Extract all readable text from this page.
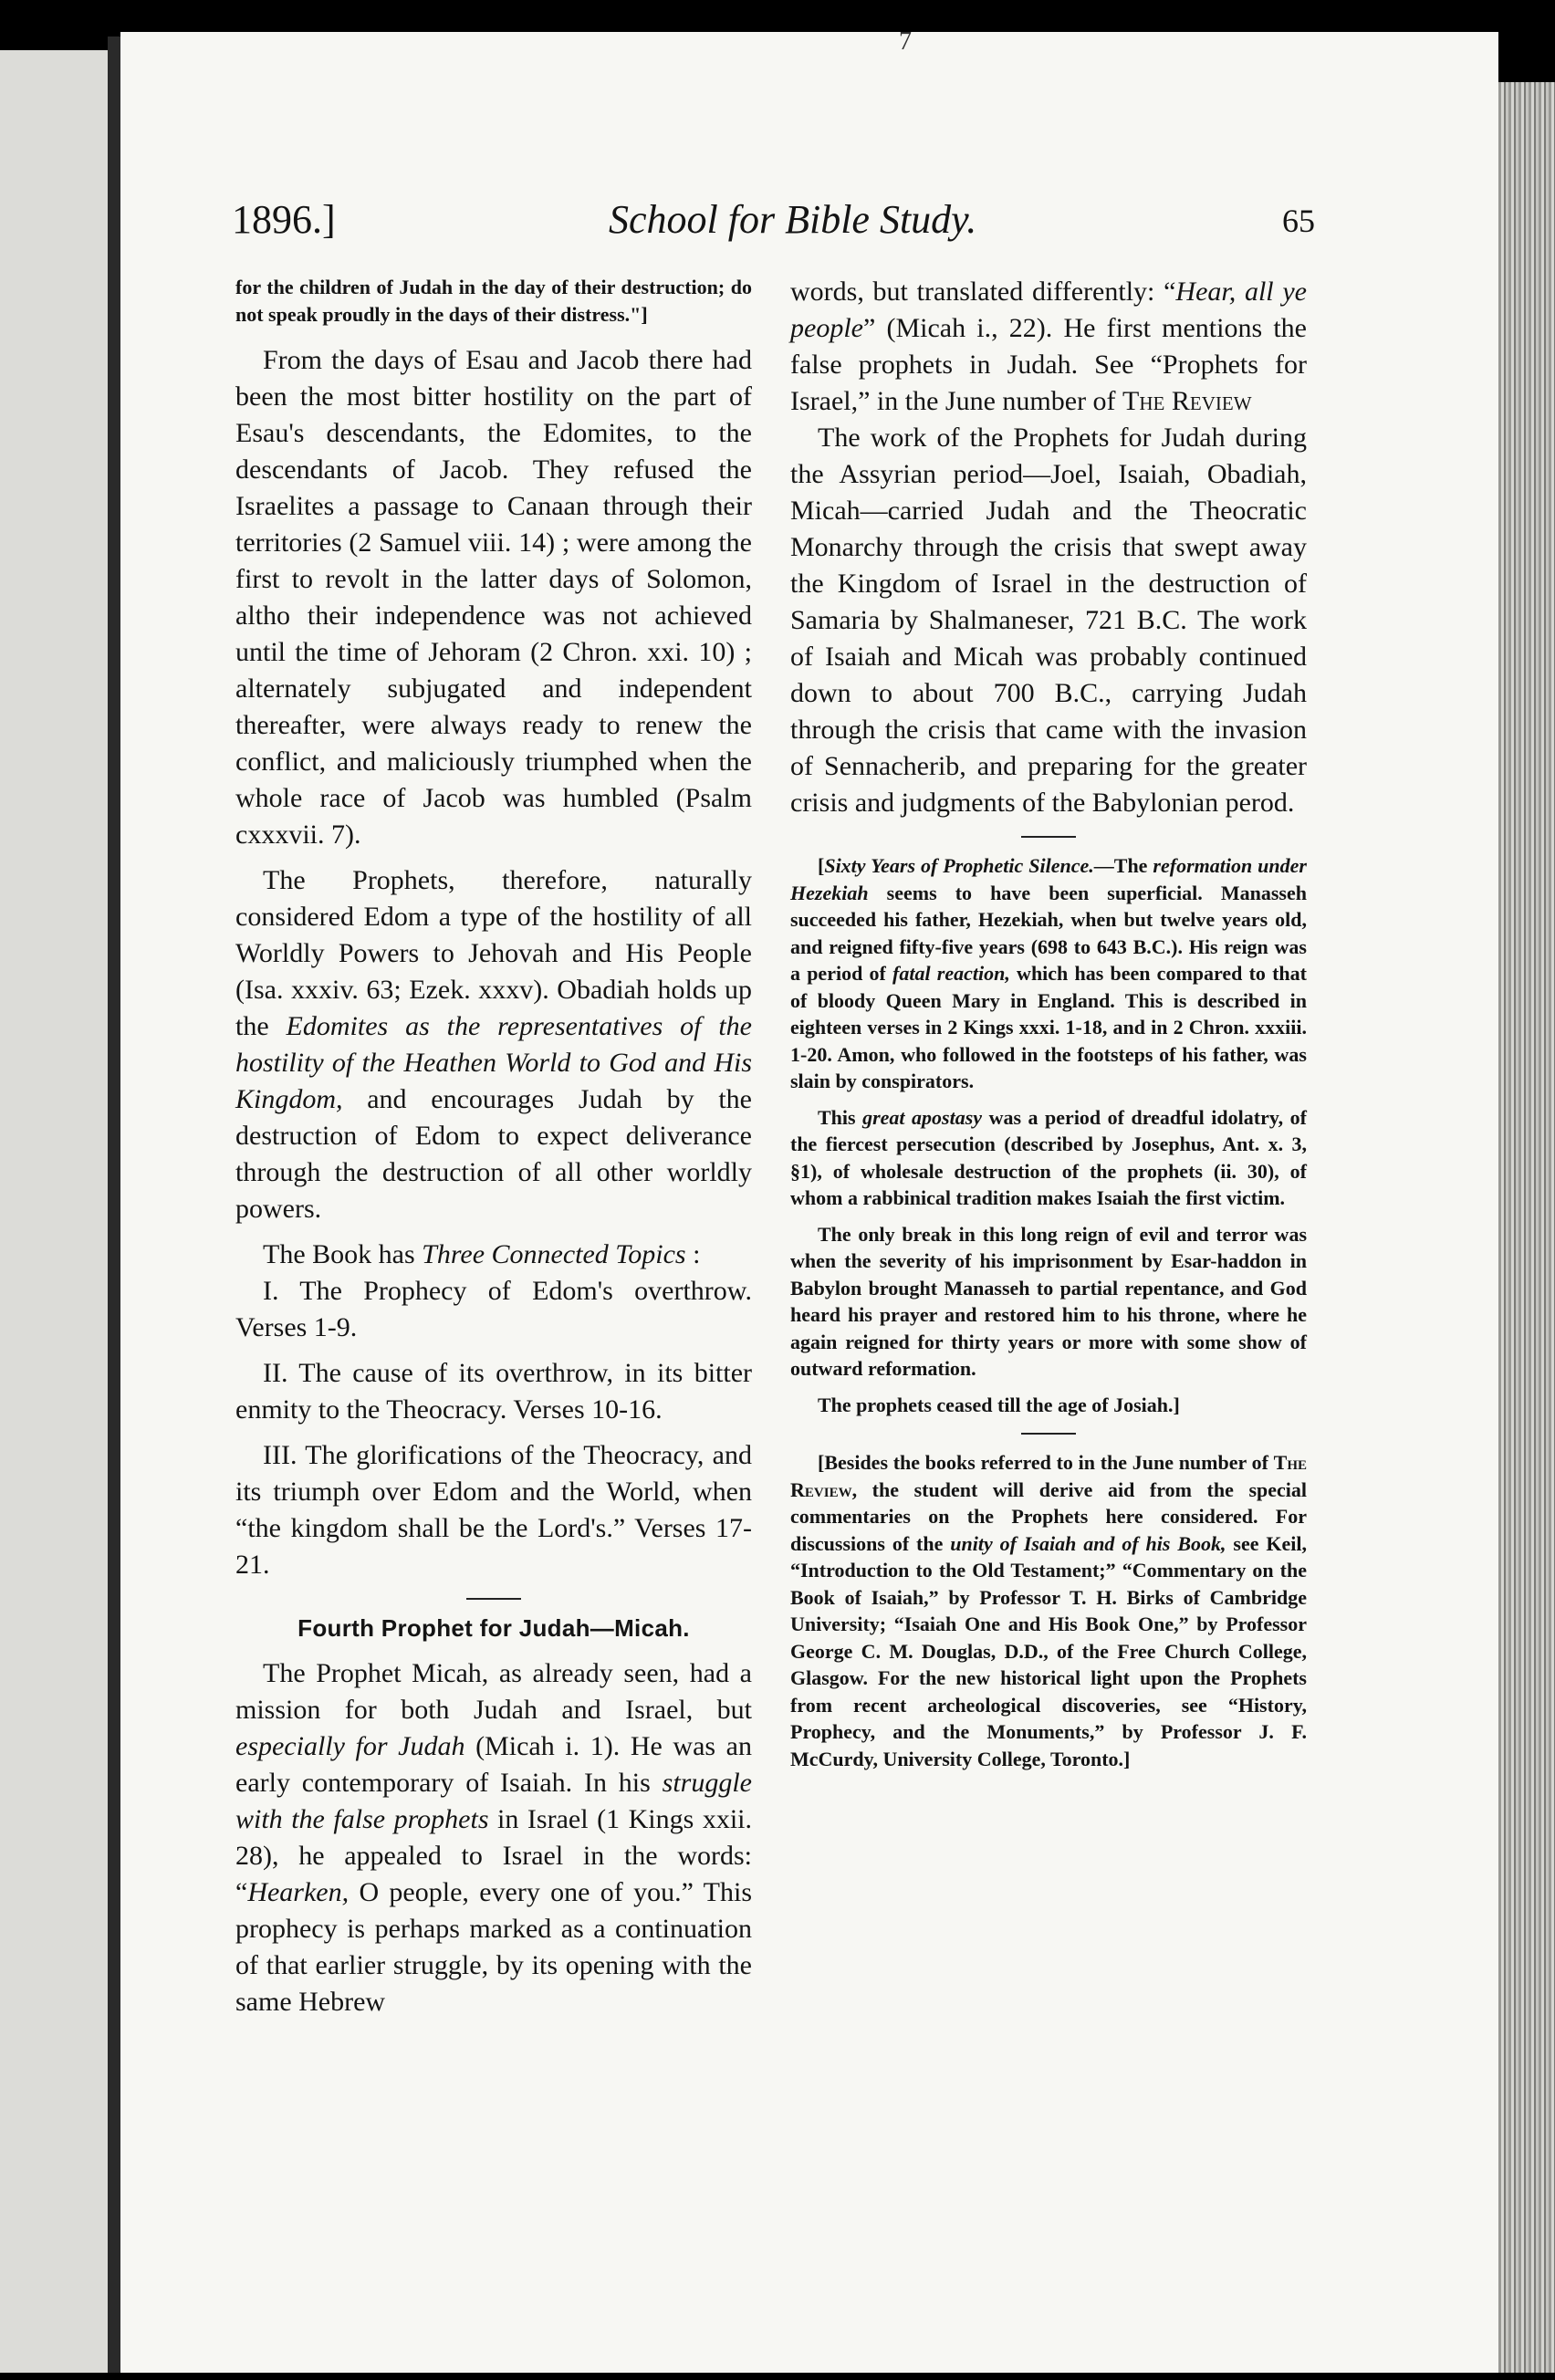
7
1896.]	School for Bible Study.	65

for the children of Judah in the day of their destruction; do not speak proudly in the days of their distress."]

From the days of Esau and Jacob there had been the most bitter hostility on the part of Esau's descendants, the Edomites, to the descendants of Jacob. They refused the Israelites a passage to Canaan through their territories (2 Samuel viii. 14) ; were among the first to revolt in the latter days of Solomon, altho their independence was not achieved until the time of Jehoram (2 Chron. xxi. 10) ; alternately subjugated and independent thereafter, were always ready to renew the conflict, and maliciously triumphed when the whole race of Jacob was humbled (Psalm cxxxvii. 7).

The Prophets, therefore, naturally considered Edom a type of the hostility of all Worldly Powers to Jehovah and His People (Isa. xxxiv. 63; Ezek. xxxv). Obadiah holds up the Edomites as the representatives of the hostility of the Heathen World to God and His Kingdom, and encourages Judah by the destruction of Edom to expect deliverance through the destruction of all other worldly powers.

The Book has Three Connected Topics :

I. The Prophecy of Edom's overthrow. Verses 1-9.

II. The cause of its overthrow, in its bitter enmity to the Theocracy. Verses 10-16.

III. The glorifications of the Theocracy, and its triumph over Edom and the World, when “the kingdom shall be the Lord's.” Verses 17-21.

Fourth Prophet for Judah—Micah.

The Prophet Micah, as already seen, had a mission for both Judah and Israel, but especially for Judah (Micah i. 1). He was an early contemporary of Isaiah. In his struggle with the false prophets in Israel (1 Kings xxii. 28), he appealed to Israel in the words: “Hearken, O people, every one of you.” This prophecy is perhaps marked as a continuation of that earlier struggle, by its opening with the same Hebrew

words, but translated differently: “Hear, all ye people” (Micah i., 22). He first mentions the false prophets in Judah. See “Prophets for Israel,” in the June number of The Review

The work of the Prophets for Judah during the Assyrian period—Joel, Isaiah, Obadiah, Micah—carried Judah and the Theocratic Monarchy through the crisis that swept away the Kingdom of Israel in the destruction of Samaria by Shalmaneser, 721 B.C. The work of Isaiah and Micah was probably continued down to about 700 B.C., carrying Judah through the crisis that came with the invasion of Sennacherib, and preparing for the greater crisis and judgments of the Babylonian perod.

[Sixty Years of Prophetic Silence.—The reformation under Hezekiah seems to have been superficial. Manasseh succeeded his father, Hezekiah, when but twelve years old, and reigned fifty-five years (698 to 643 B.C.). His reign was a period of fatal reaction, which has been compared to that of bloody Queen Mary in England. This is described in eighteen verses in 2 Kings xxxi. 1-18, and in 2 Chron. xxxiii. 1-20. Amon, who followed in the footsteps of his father, was slain by conspirators.

This great apostasy was a period of dreadful idolatry, of the fiercest persecution (described by Josephus, Ant. x. 3, §1), of wholesale destruction of the prophets (ii. 30), of whom a rabbinical tradition makes Isaiah the first victim.

The only break in this long reign of evil and terror was when the severity of his imprisonment by Esar-haddon in Babylon brought Manasseh to partial repentance, and God heard his prayer and restored him to his throne, where he again reigned for thirty years or more with some show of outward reformation.

The prophets ceased till the age of Josiah.]

[Besides the books referred to in the June number of The Review, the student will derive aid from the special commentaries on the Prophets here considered. For discussions of the unity of Isaiah and of his Book, see Keil, “Introduction to the Old Testament;” “Commentary on the Book of Isaiah,” by Professor T. H. Birks of Cambridge University; “Isaiah One and His Book One,” by Professor George C. M. Douglas, D.D., of the Free Church College, Glasgow. For the new historical light upon the Prophets from recent archeological discoveries, see “History, Prophecy, and the Monuments,” by Professor J. F. McCurdy, University College, Toronto.]
